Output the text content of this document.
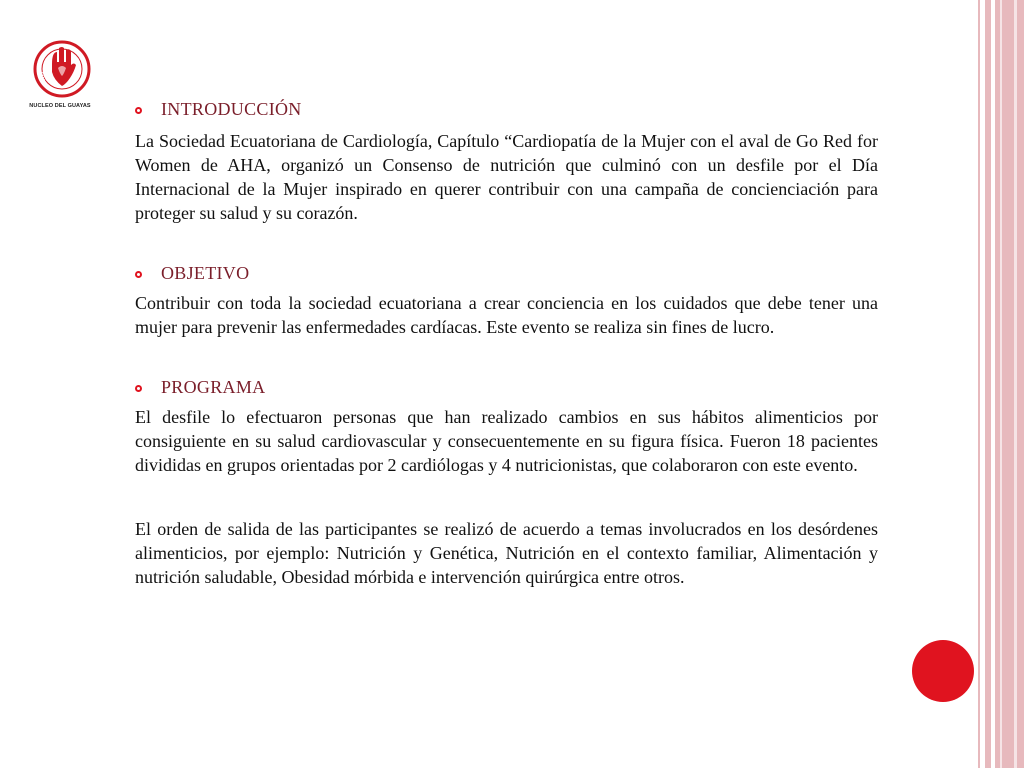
NUCLEO DEL GUAYAS	INTRODUCCIÓN

La Sociedad Ecuatoriana de Cardiología, Capítulo “Cardiopatía de la Mujer con el aval de Go Red for Women de AHA, organizó un Consenso de nutrición que culminó con un desfile por el Día Internacional de la Mujer inspirado en querer contribuir con una campaña de concienciación para proteger su salud y su corazón.

OBJETIVO

Contribuir con toda la sociedad ecuatoriana a crear conciencia en los cuidados que debe tener una mujer para prevenir las enfermedades cardíacas. Este evento se realiza sin fines de lucro.

PROGRAMA

El desfile lo efectuaron personas que han realizado cambios en sus hábitos alimenticios por consiguiente en su salud cardiovascular y consecuentemente en su figura física. Fueron 18 pacientes divididas en grupos orientadas por 2 cardiólogas y 4 nutricionistas, que colaboraron con este evento.

El orden de salida de las participantes se realizó de acuerdo a temas involucrados en los desórdenes alimenticios, por ejemplo: Nutrición y Genética, Nutrición en el contexto familiar, Alimentación y nutrición saludable, Obesidad mórbida e intervención quirúrgica entre otros.
